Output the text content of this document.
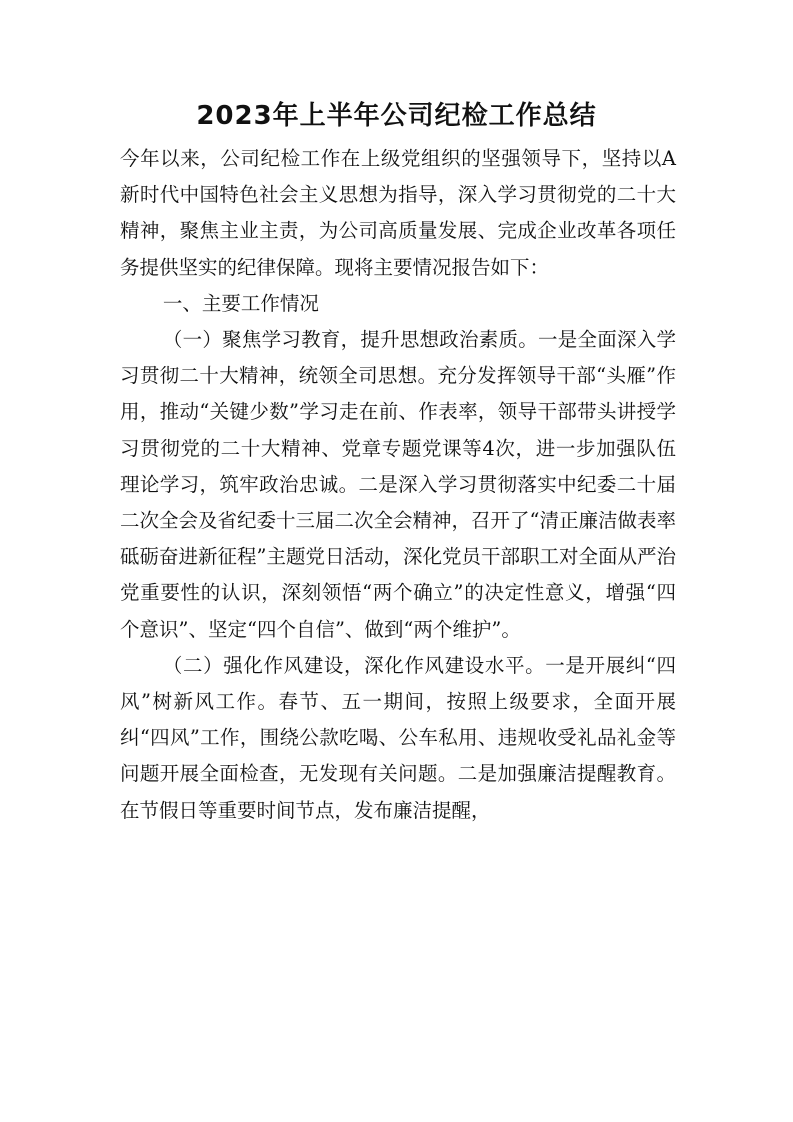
2023年上半年公司纪检工作总结

今年以来，公司纪检工作在上级党组织的坚强领导下，坚持以A新时代中国特色社会主义思想为指导，深入学习贯彻党的二十大精神，聚焦主业主责，为公司高质量发展、完成企业改革各项任务提供坚实的纪律保障。现将主要情况报告如下：

一、主要工作情况

（一）聚焦学习教育，提升思想政治素质。一是全面深入学习贯彻二十大精神，统领全司思想。充分发挥领导干部“头雁”作用，推动“关键少数”学习走在前、作表率，领导干部带头讲授学习贯彻党的二十大精神、党章专题党课等4次，进一步加强队伍理论学习，筑牢政治忠诚。二是深入学习贯彻落实中纪委二十届二次全会及省纪委十三届二次全会精神，召开了“清正廉洁做表率砥砺奋进新征程”主题党日活动，深化党员干部职工对全面从严治党重要性的认识，深刻领悟“两个确立”的决定性意义，增强“四个意识”、坚定“四个自信”、做到“两个维护”。

（二）强化作风建设，深化作风建设水平。一是开展纠“四风”树新风工作。春节、五一期间，按照上级要求，全面开展纠“四风”工作，围绕公款吃喝、公车私用、违规收受礼品礼金等问题开展全面检查，无发现有关问题。二是加强廉洁提醒教育。在节假日等重要时间节点，发布廉洁提醒，
